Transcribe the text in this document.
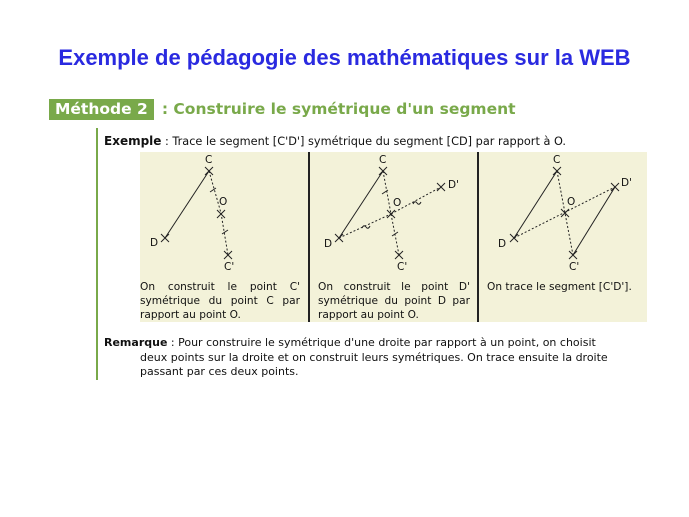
Exemple de pédagogie des mathématiques sur la WEB
Méthode 2 : Construire le symétrique d'un segment
Exemple : Trace le segment [C'D'] symétrique du segment [CD] par rapport à O.
C
O
D
C'
On construit le point C' symétrique du point C par rapport au point O.
C
D'
O
D
C'
On construit le point D' symétrique du point D par rapport au point O.
C
D'
O
D
C'
On trace le segment [C'D'].
Remarque : Pour construire le symétrique d'une droite par rapport à un point, on choisit
deux points sur la droite et on construit leurs symétriques. On trace ensuite la droite
passant par ces deux points.
